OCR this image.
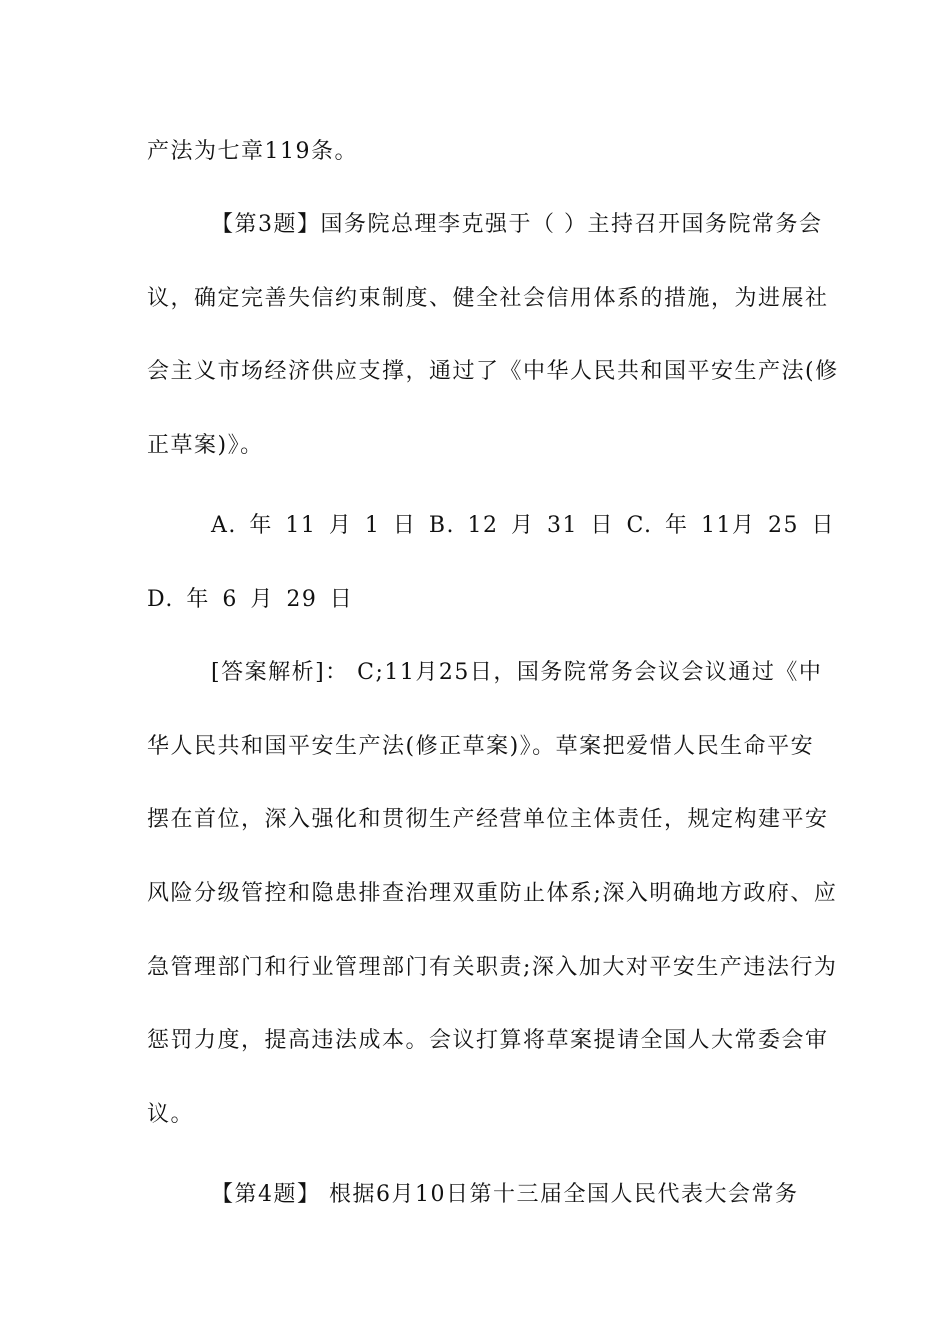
产法为七章119条。
【第3题】国务院总理李克强于（ ）主持召开国务院常务会
议，确定完善失信约束制度、健全社会信用体系的措施，为进展社
会主义市场经济供应支撑，通过了《中华人民共和国平安生产法(修
正草案)》。
A. 年 11 月 1 日 B. 12 月 31 日 C. 年 11月 25 日
D. 年 6 月 29 日
[答案解析]： C;11月25日，国务院常务会议会议通过《中
华人民共和国平安生产法(修正草案)》。草案把爱惜人民生命平安
摆在首位，深入强化和贯彻生产经营单位主体责任，规定构建平安
风险分级管控和隐患排查治理双重防止体系;深入明确地方政府、应
急管理部门和行业管理部门有关职责;深入加大对平安生产违法行为
惩罚力度，提高违法成本。会议打算将草案提请全国人大常委会审
议。
【第4题】 根据6月10日第十三届全国人民代表大会常务
